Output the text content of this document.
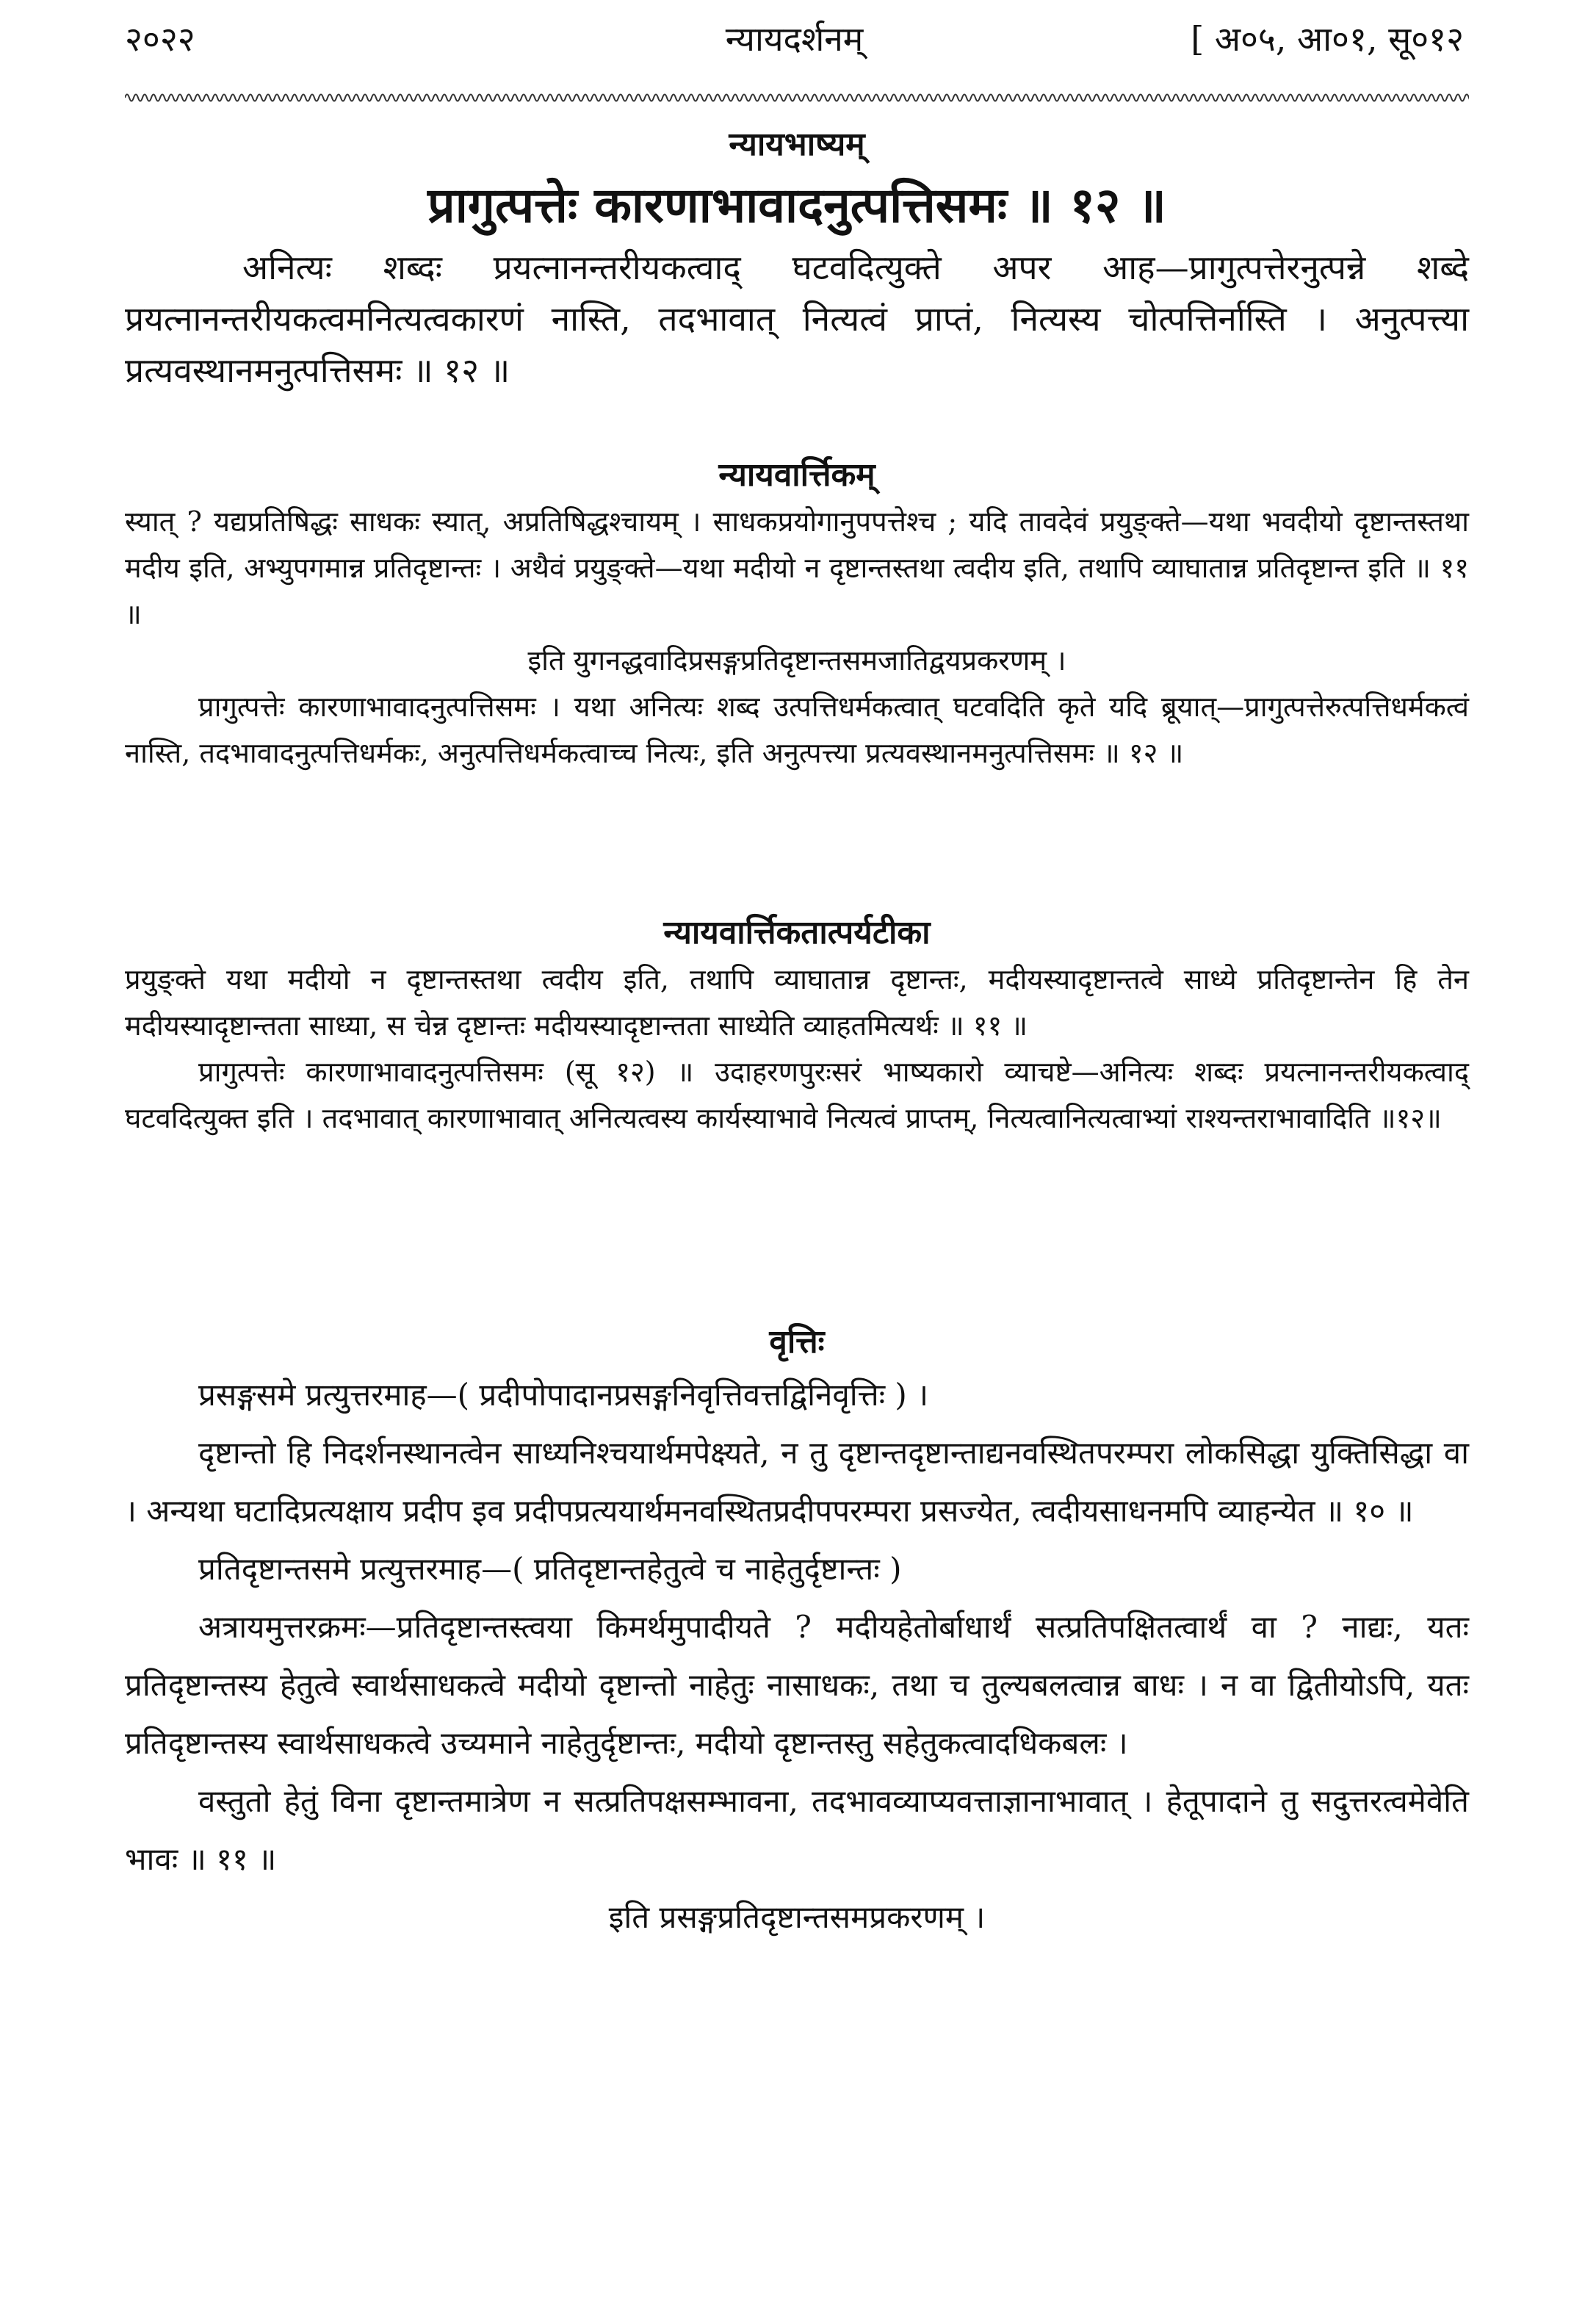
२०२२	न्यायदर्शनम्	[ अ०५, आ०१, सू०१२
न्यायभाष्यम्
प्रागुत्पत्तेः कारणाभावादनुत्पत्तिसमः ॥ १२ ॥

अनित्यः शब्दः प्रयत्नानन्तरीयकत्वाद् घटवदित्युक्ते अपर आह—प्रागुत्पत्तेरनुत्पन्ने शब्दे प्रयत्नानन्तरीयकत्वमनित्यत्वकारणं नास्ति, तदभावात् नित्यत्वं प्राप्तं, नित्यस्य चोत्पत्तिर्नास्ति । अनुत्पत्त्या प्रत्यवस्थानमनुत्पत्तिसमः ॥ १२ ॥

न्यायवार्त्तिकम्

स्यात् ? यद्यप्रतिषिद्धः साधकः स्यात्, अप्रतिषिद्धश्चायम् । साधकप्रयोगानुपपत्तेश्च ; यदि तावदेवं प्रयुङ्क्ते—यथा भवदीयो दृष्टान्तस्तथा मदीय इति, अभ्युपगमान्न प्रतिदृष्टान्तः । अथैवं प्रयुङ्क्ते—यथा मदीयो न दृष्टान्तस्तथा त्वदीय इति, तथापि व्याघातान्न प्रतिदृष्टान्त इति ॥ ११ ॥

इति युगनद्धवादिप्रसङ्गप्रतिदृष्टान्तसमजातिद्वयप्रकरणम् ।

प्रागुत्पत्तेः कारणाभावादनुत्पत्तिसमः । यथा अनित्यः शब्द उत्पत्तिधर्मकत्वात् घटवदिति कृते यदि ब्रूयात्—प्रागुत्पत्तेरुत्पत्तिधर्मकत्वं नास्ति, तदभावादनुत्पत्तिधर्मकः, अनुत्पत्तिधर्मकत्वाच्च नित्यः, इति अनुत्पत्त्या प्रत्यवस्थानमनुत्पत्तिसमः ॥ १२ ॥

न्यायवार्त्तिकतात्पर्यटीका

प्रयुङ्क्ते यथा मदीयो न दृष्टान्तस्तथा त्वदीय इति, तथापि व्याघातान्न दृष्टान्तः, मदीयस्यादृष्टान्तत्वे साध्ये प्रतिदृष्टान्तेन हि तेन मदीयस्यादृष्टान्तता साध्या, स चेन्न दृष्टान्तः मदीयस्यादृष्टान्तता साध्येति व्याहतमित्यर्थः ॥ ११ ॥

प्रागुत्पत्तेः कारणाभावादनुत्पत्तिसमः (सू १२) ॥ उदाहरणपुरःसरं भाष्यकारो व्याचष्टे—अनित्यः शब्दः प्रयत्नानन्तरीयकत्वाद् घटवदित्युक्त इति । तदभावात् कारणाभावात् अनित्यत्वस्य कार्यस्याभावे नित्यत्वं प्राप्तम्, नित्यत्वानित्यत्वाभ्यां राश्यन्तराभावादिति ॥१२॥

वृत्तिः

प्रसङ्गसमे प्रत्युत्तरमाह—( प्रदीपोपादानप्रसङ्गनिवृत्तिवत्तद्विनिवृत्तिः ) ।

दृष्टान्तो हि निदर्शनस्थानत्वेन साध्यनिश्चयार्थमपेक्ष्यते, न तु दृष्टान्तदृष्टान्ताद्यनवस्थितपरम्परा लोकसिद्धा युक्तिसिद्धा वा । अन्यथा घटादिप्रत्यक्षाय प्रदीप इव प्रदीपप्रत्ययार्थमनवस्थितप्रदीपपरम्परा प्रसज्येत, त्वदीयसाधनमपि व्याहन्येत ॥ १० ॥

प्रतिदृष्टान्तसमे प्रत्युत्तरमाह—( प्रतिदृष्टान्तहेतुत्वे च नाहेतुर्दृष्टान्तः )

अत्रायमुत्तरक्रमः—प्रतिदृष्टान्तस्त्वया किमर्थमुपादीयते ? मदीयहेतोर्बाधार्थं सत्प्रतिपक्षितत्वार्थं वा ? नाद्यः, यतः प्रतिदृष्टान्तस्य हेतुत्वे स्वार्थसाधकत्वे मदीयो दृष्टान्तो नाहेतुः नासाधकः, तथा च तुल्यबलत्वान्न बाधः । न वा द्वितीयोऽपि, यतः प्रतिदृष्टान्तस्य स्वार्थसाधकत्वे उच्यमाने नाहेतुर्दृष्टान्तः, मदीयो दृष्टान्तस्तु सहेतुकत्वादधिकबलः ।

वस्तुतो हेतुं विना दृष्टान्तमात्रेण न सत्प्रतिपक्षसम्भावना, तदभावव्याप्यवत्ताज्ञानाभावात् । हेतूपादाने तु सदुत्तरत्वमेवेति भावः ॥ ११ ॥

इति प्रसङ्गप्रतिदृष्टान्तसमप्रकरणम् ।
